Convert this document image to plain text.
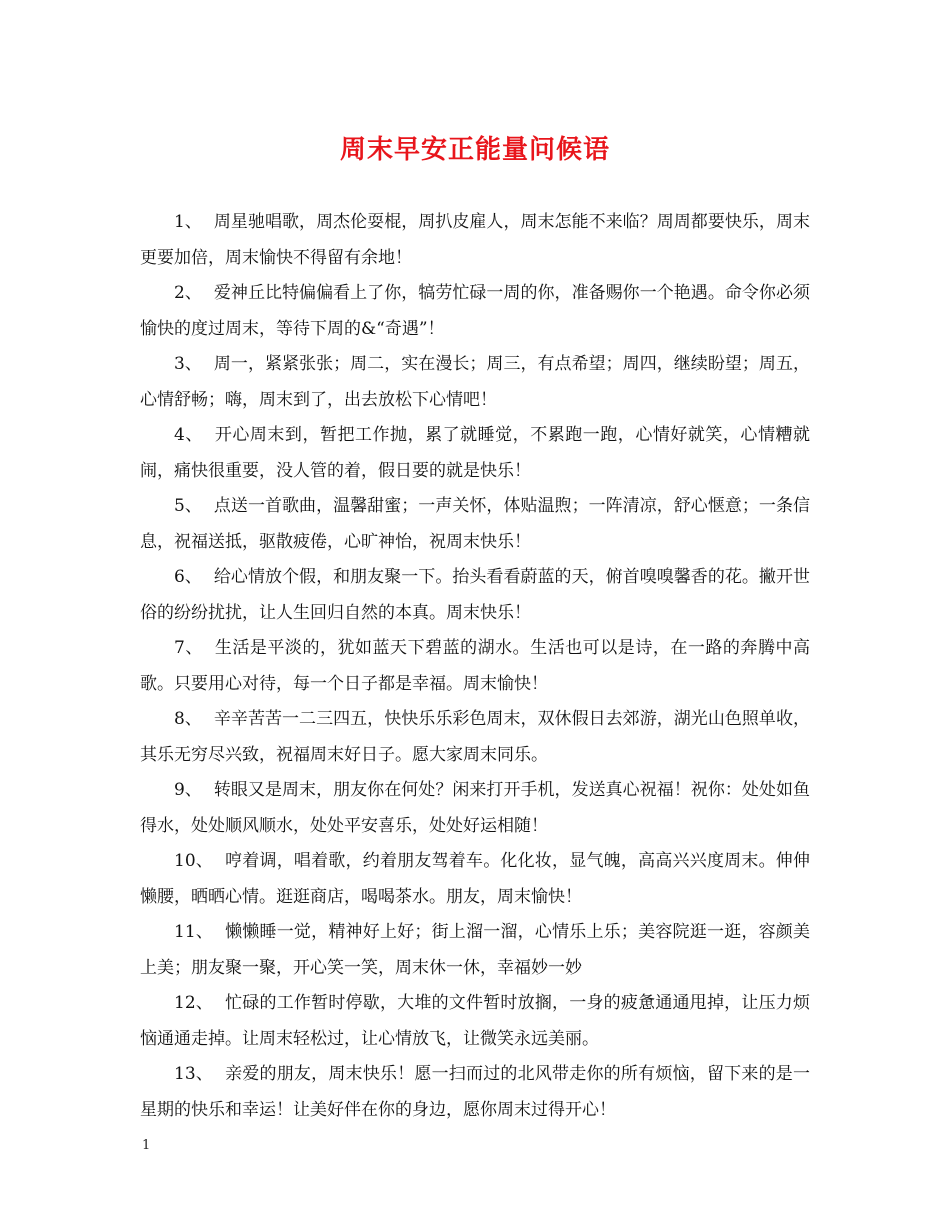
周末早安正能量问候语

1、 周星驰唱歌，周杰伦耍棍，周扒皮雇人，周末怎能不来临？周周都要快乐，周末更要加倍，周末愉快不得留有余地！

2、 爱神丘比特偏偏看上了你，犒劳忙碌一周的你，准备赐你一个艳遇。命令你必须愉快的度过周末，等待下周的&“奇遇”！

3、 周一，紧紧张张；周二，实在漫长；周三，有点希望；周四，继续盼望；周五，心情舒畅；嗨，周末到了，出去放松下心情吧！

4、 开心周末到，暂把工作抛，累了就睡觉，不累跑一跑，心情好就笑，心情糟就闹，痛快很重要，没人管的着，假日要的就是快乐！

5、 点送一首歌曲，温馨甜蜜；一声关怀，体贴温煦；一阵清凉，舒心惬意；一条信息，祝福送抵，驱散疲倦，心旷神怡，祝周末快乐！

6、 给心情放个假，和朋友聚一下。抬头看看蔚蓝的天，俯首嗅嗅馨香的花。撇开世俗的纷纷扰扰，让人生回归自然的本真。周末快乐！

7、 生活是平淡的，犹如蓝天下碧蓝的湖水。生活也可以是诗，在一路的奔腾中高歌。只要用心对待，每一个日子都是幸福。周末愉快！

8、 辛辛苦苦一二三四五，快快乐乐彩色周末，双休假日去郊游，湖光山色照单收，其乐无穷尽兴致，祝福周末好日子。愿大家周末同乐。

9、 转眼又是周末，朋友你在何处？闲来打开手机，发送真心祝福！祝你：处处如鱼得水，处处顺风顺水，处处平安喜乐，处处好运相随！

10、 哼着调，唱着歌，约着朋友驾着车。化化妆，显气魄，高高兴兴度周末。伸伸懒腰，晒晒心情。逛逛商店，喝喝茶水。朋友，周末愉快！

11、 懒懒睡一觉，精神好上好；街上溜一溜，心情乐上乐；美容院逛一逛，容颜美上美；朋友聚一聚，开心笑一笑，周末休一休，幸福妙一妙

12、 忙碌的工作暂时停歇，大堆的文件暂时放搁，一身的疲惫通通甩掉，让压力烦恼通通走掉。让周末轻松过，让心情放飞，让微笑永远美丽。

13、 亲爱的朋友，周末快乐！愿一扫而过的北风带走你的所有烦恼，留下来的是一星期的快乐和幸运！让美好伴在你的身边，愿你周末过得开心！

1
